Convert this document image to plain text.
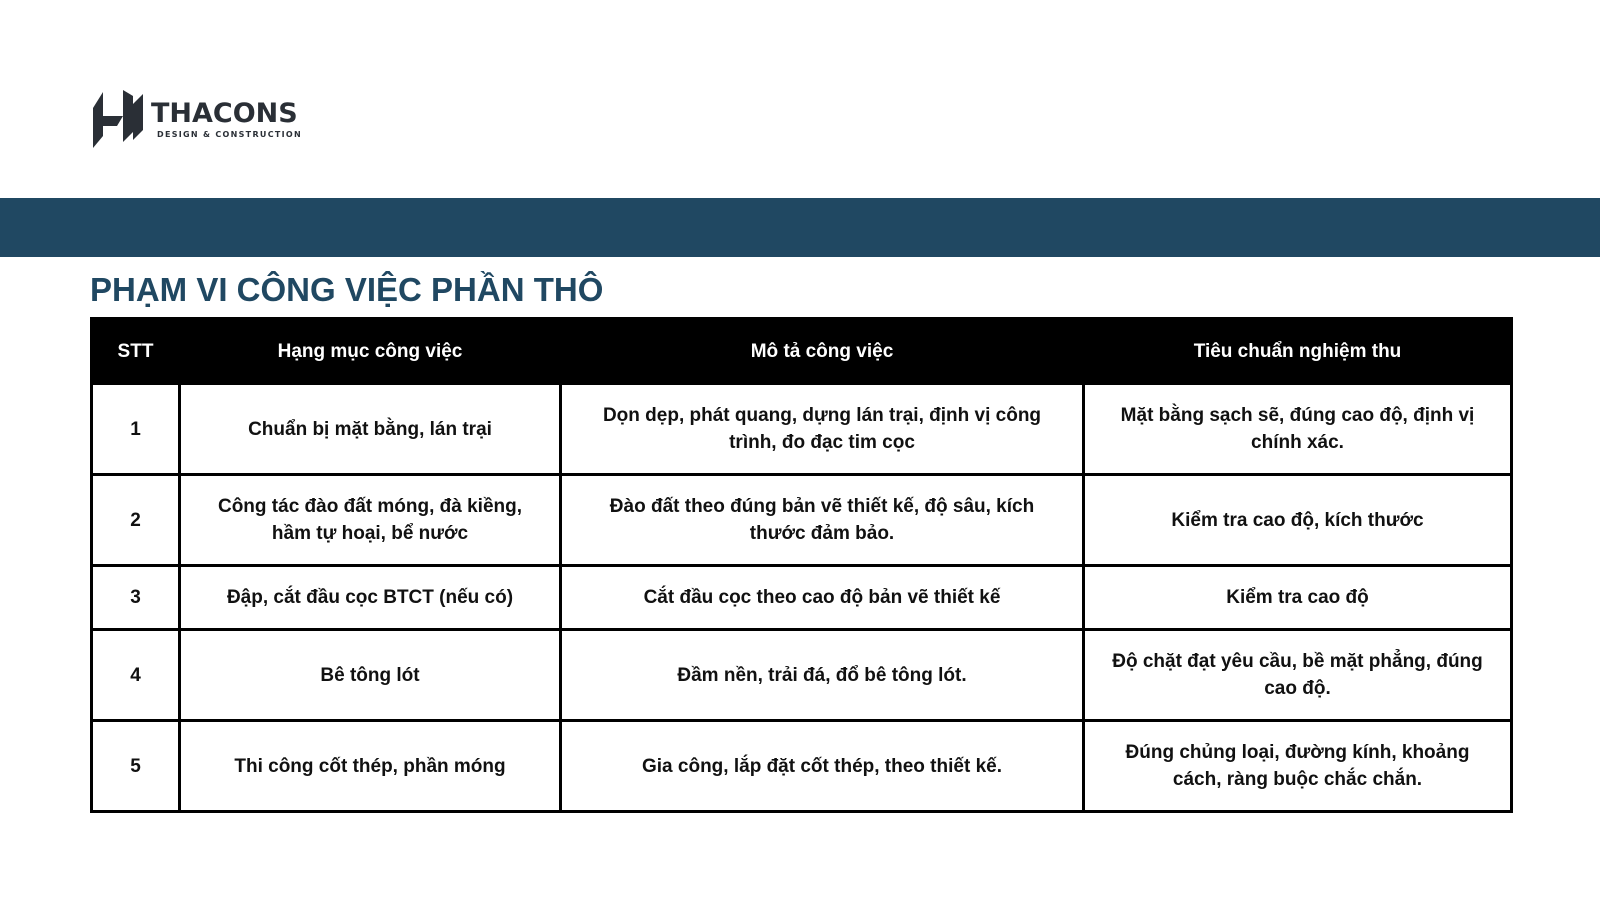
THACONS
DESIGN & CONSTRUCTION
PHẠM VI CÔNG VIỆC PHẦN THÔ
STT	Hạng mục công việc	Mô tả công việc	Tiêu chuẩn nghiệm thu
1	Chuẩn bị mặt bằng, lán trại	Dọn dẹp, phát quang, dựng lán trại, định vị công trình, đo đạc tim cọc	Mặt bằng sạch sẽ, đúng cao độ, định vị chính xác.
2	Công tác đào đất móng, đà kiềng, hầm tự hoại, bể nước	Đào đất theo đúng bản vẽ thiết kế, độ sâu, kích thước đảm bảo.	Kiểm tra cao độ, kích thước
3	Đập, cắt đầu cọc BTCT (nếu có)	Cắt đầu cọc theo cao độ bản vẽ thiết kế	Kiểm tra cao độ
4	Bê tông lót	Đầm nền, trải đá, đổ bê tông lót.	Độ chặt đạt yêu cầu, bề mặt phẳng, đúng cao độ.
5	Thi công cốt thép, phần móng	Gia công, lắp đặt cốt thép, theo thiết kế.	Đúng chủng loại, đường kính, khoảng cách, ràng buộc chắc chắn.
